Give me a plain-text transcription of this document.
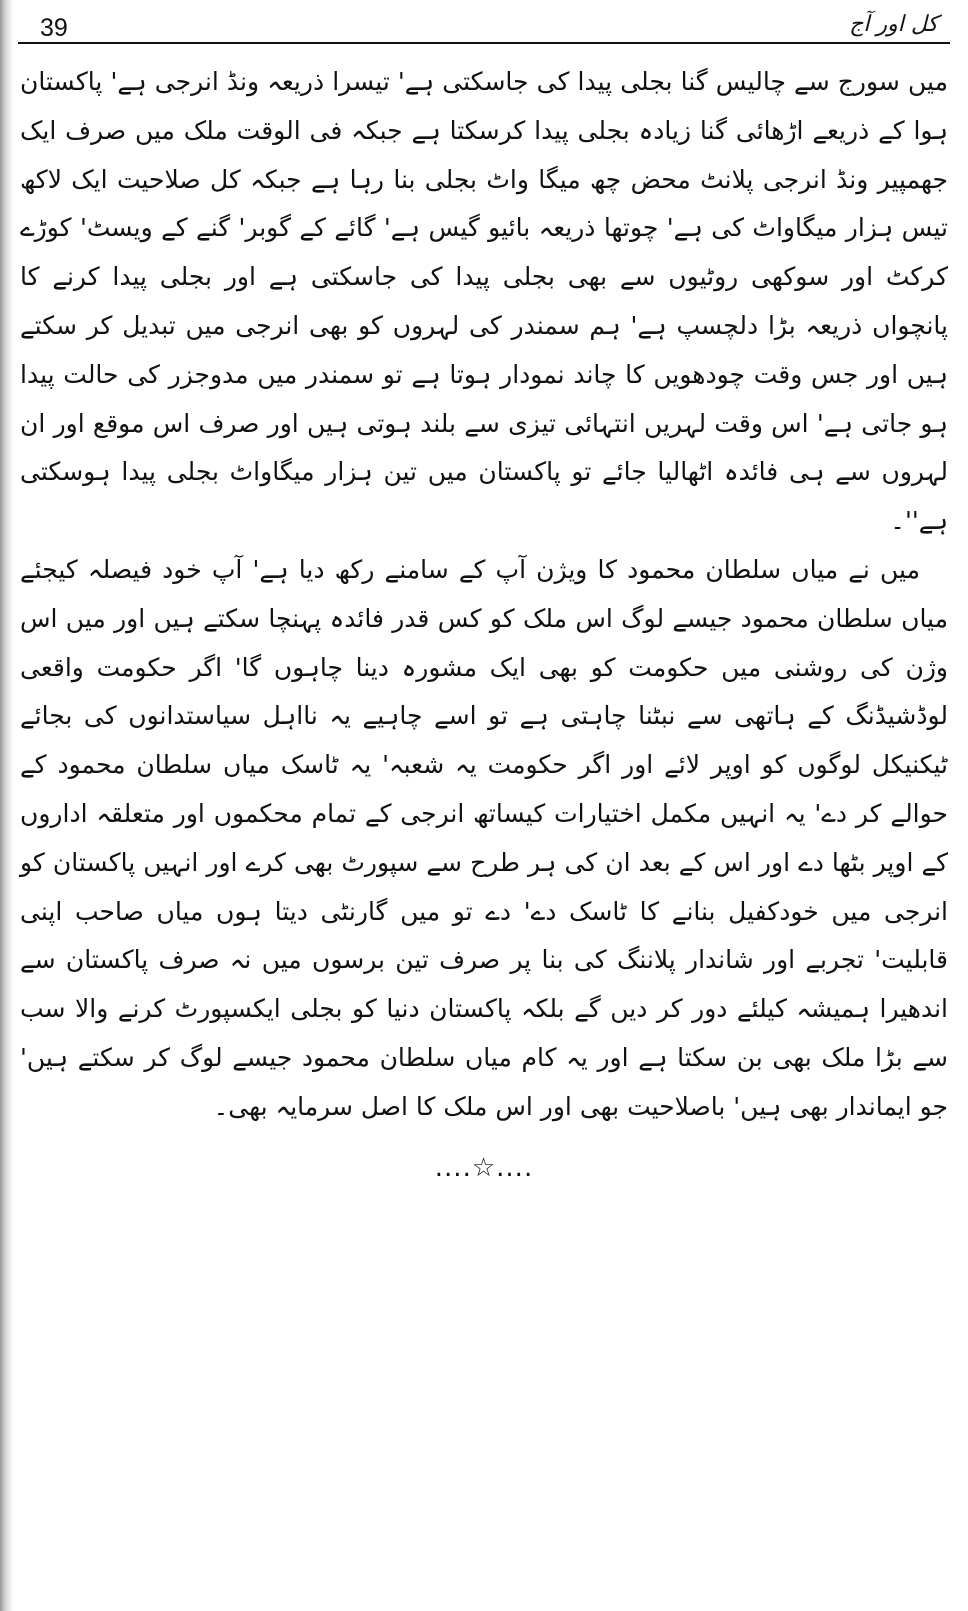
39	کل اور آج

میں سورج سے چالیس گنا بجلی پیدا کی جاسکتی ہے' تیسرا ذریعہ ونڈ انرجی ہے' پاکستان ہوا کے ذریعے اڑھائی گنا زیادہ بجلی پیدا کرسکتا ہے جبکہ فی الوقت ملک میں صرف ایک جھمپیر ونڈ انرجی پلانٹ محض چھ میگا واٹ بجلی بنا رہا ہے جبکہ کل صلاحیت ایک لاکھ تیس ہزار میگاواٹ کی ہے' چوتھا ذریعہ بائیو گیس ہے' گائے کے گوبر' گنے کے ویسٹ' کوڑے کرکٹ اور سوکھی روٹیوں سے بھی بجلی پیدا کی جاسکتی ہے اور بجلی پیدا کرنے کا پانچواں ذریعہ بڑا دلچسپ ہے' ہم سمندر کی لہروں کو بھی انرجی میں تبدیل کر سکتے ہیں اور جس وقت چودھویں کا چاند نمودار ہوتا ہے تو سمندر میں مدوجزر کی حالت پیدا ہو جاتی ہے' اس وقت لہریں انتہائی تیزی سے بلند ہوتی ہیں اور صرف اس موقع اور ان لہروں سے ہی فائدہ اٹھالیا جائے تو پاکستان میں تین ہزار میگاواٹ بجلی پیدا ہوسکتی ہے''۔

میں نے میاں سلطان محمود کا ویژن آپ کے سامنے رکھ دیا ہے' آپ خود فیصلہ کیجئے میاں سلطان محمود جیسے لوگ اس ملک کو کس قدر فائدہ پہنچا سکتے ہیں اور میں اس وژن کی روشنی میں حکومت کو بھی ایک مشورہ دینا چاہوں گا' اگر حکومت واقعی لوڈشیڈنگ کے ہاتھی سے نبٹنا چاہتی ہے تو اسے چاہیے یہ نااہل سیاستدانوں کی بجائے ٹیکنیکل لوگوں کو اوپر لائے اور اگر حکومت یہ شعبہ' یہ ٹاسک میاں سلطان محمود کے حوالے کر دے' یہ انہیں مکمل اختیارات کیساتھ انرجی کے تمام محکموں اور متعلقہ اداروں کے اوپر بٹھا دے اور اس کے بعد ان کی ہر طرح سے سپورٹ بھی کرے اور انہیں پاکستان کو انرجی میں خودکفیل بنانے کا ٹاسک دے' دے تو میں گارنٹی دیتا ہوں میاں صاحب اپنی قابلیت' تجربے اور شاندار پلاننگ کی بنا پر صرف تین برسوں میں نہ صرف پاکستان سے اندھیرا ہمیشہ کیلئے دور کر دیں گے بلکہ پاکستان دنیا کو بجلی ایکسپورٹ کرنے والا سب سے بڑا ملک بھی بن سکتا ہے اور یہ کام میاں سلطان محمود جیسے لوگ کر سکتے ہیں' جو ایماندار بھی ہیں' باصلاحیت بھی اور اس ملک کا اصل سرمایہ بھی۔

....☆....
